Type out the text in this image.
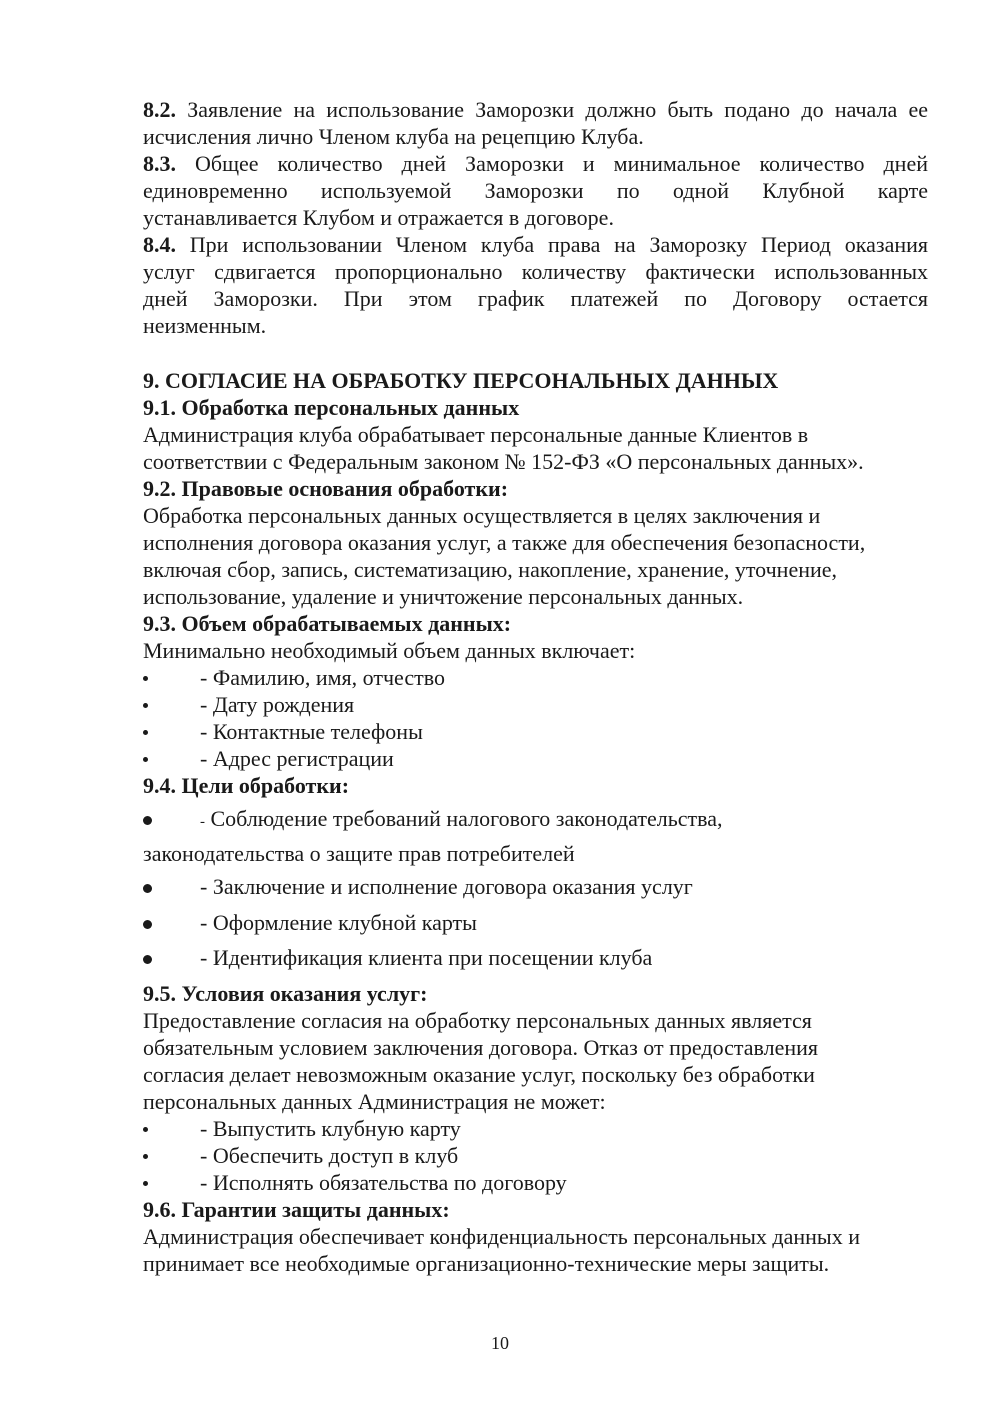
8.2. Заявление на использование Заморозки должно быть подано до начала ее
исчисления лично Членом клуба на рецепцию Клуба.
8.3. Общее количество дней Заморозки и минимальное количество дней
единовременно используемой Заморозки по одной Клубной карте
устанавливается Клубом и отражается в договоре.
8.4. При использовании Членом клуба права на Заморозку Период оказания
услуг сдвигается пропорционально количеству фактически использованных
дней Заморозки. При этом график платежей по Договору остается
неизменным.
9. СОГЛАСИЕ НА ОБРАБОТКУ ПЕРСОНАЛЬНЫХ ДАННЫХ
9.1. Обработка персональных данных
Администрация клуба обрабатывает персональные данные Клиентов в
соответствии с Федеральным законом № 152-ФЗ «О персональных данных».
9.2. Правовые основания обработки:
Обработка персональных данных осуществляется в целях заключения и
исполнения договора оказания услуг, а также для обеспечения безопасности,
включая сбор, запись, систематизацию, накопление, хранение, уточнение,
использование, удаление и уничтожение персональных данных.
9.3. Объем обрабатываемых данных:
Минимально необходимый объем данных включает:
- Фамилию, имя, отчество
- Дату рождения
- Контактные телефоны
- Адрес регистрации
9.4. Цели обработки:
- Соблюдение требований налогового законодательства,
законодательства о защите прав потребителей
- Заключение и исполнение договора оказания услуг
- Оформление клубной карты
- Идентификация клиента при посещении клуба
9.5. Условия оказания услуг:
Предоставление согласия на обработку персональных данных является
обязательным условием заключения договора. Отказ от предоставления
согласия делает невозможным оказание услуг, поскольку без обработки
персональных данных Администрация не может:
- Выпустить клубную карту
- Обеспечить доступ в клуб
- Исполнять обязательства по договору
9.6. Гарантии защиты данных:
Администрация обеспечивает конфиденциальность персональных данных и
принимает все необходимые организационно-технические меры защиты.
10
